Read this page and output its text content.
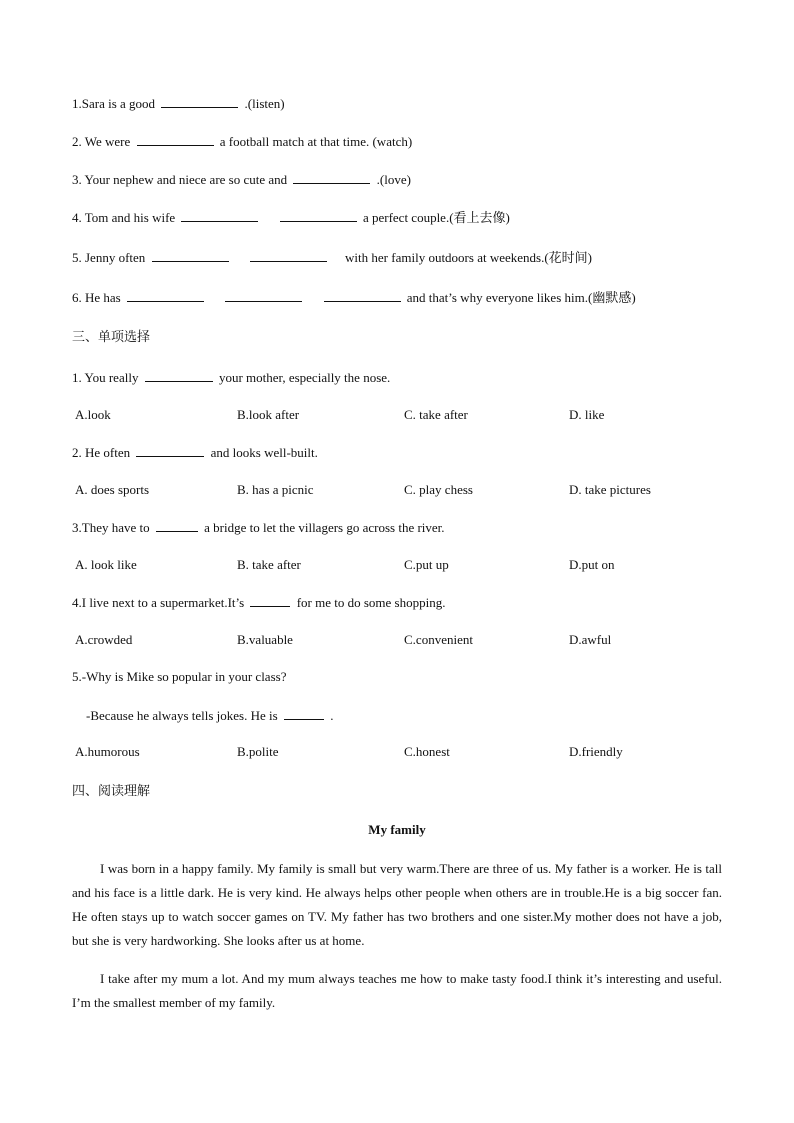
1.Sara is a good	.(listen)
2. We were	a football match at that time. (watch)
3. Your nephew and niece are so cute and	.(love)
4. Tom and his wife	a perfect couple.(看上去像)
5. Jenny often	with her family outdoors at weekends.(花时间)
6. He has	and that’s why everyone likes him.(幽默感)
三、单项选择
1. You really	your mother, especially the nose.
A.look	B.look after	C. take after	D. like
2. He often	and looks well-built.
A. does sports	B. has a picnic	C. play chess	D. take pictures
3.They have to	a bridge to let the villagers go across the river.
A. look like	B. take after	C.put up	D.put on
4.I live next to a supermarket.It’s	for me to do some shopping.
A.crowded	B.valuable	C.convenient	D.awful
5.-Why is Mike so popular in your class?
-Because he always tells jokes. He is	.
A.humorous	B.polite	C.honest	D.friendly
四、阅读理解
My family
I was born in a happy family. My family is small but very warm.There are three of us. My father is a worker. He is tall and his face is a little dark. He is very kind. He always helps other people when others are in trouble.He is a big soccer fan. He often stays up to watch soccer games on TV. My father has two brothers and one sister.My mother does not have a job, but she is very hardworking. She looks after us at home.
I take after my mum a lot. And my mum always teaches me how to make tasty food.I think it’s interesting and useful. I’m the smallest member of my family.
